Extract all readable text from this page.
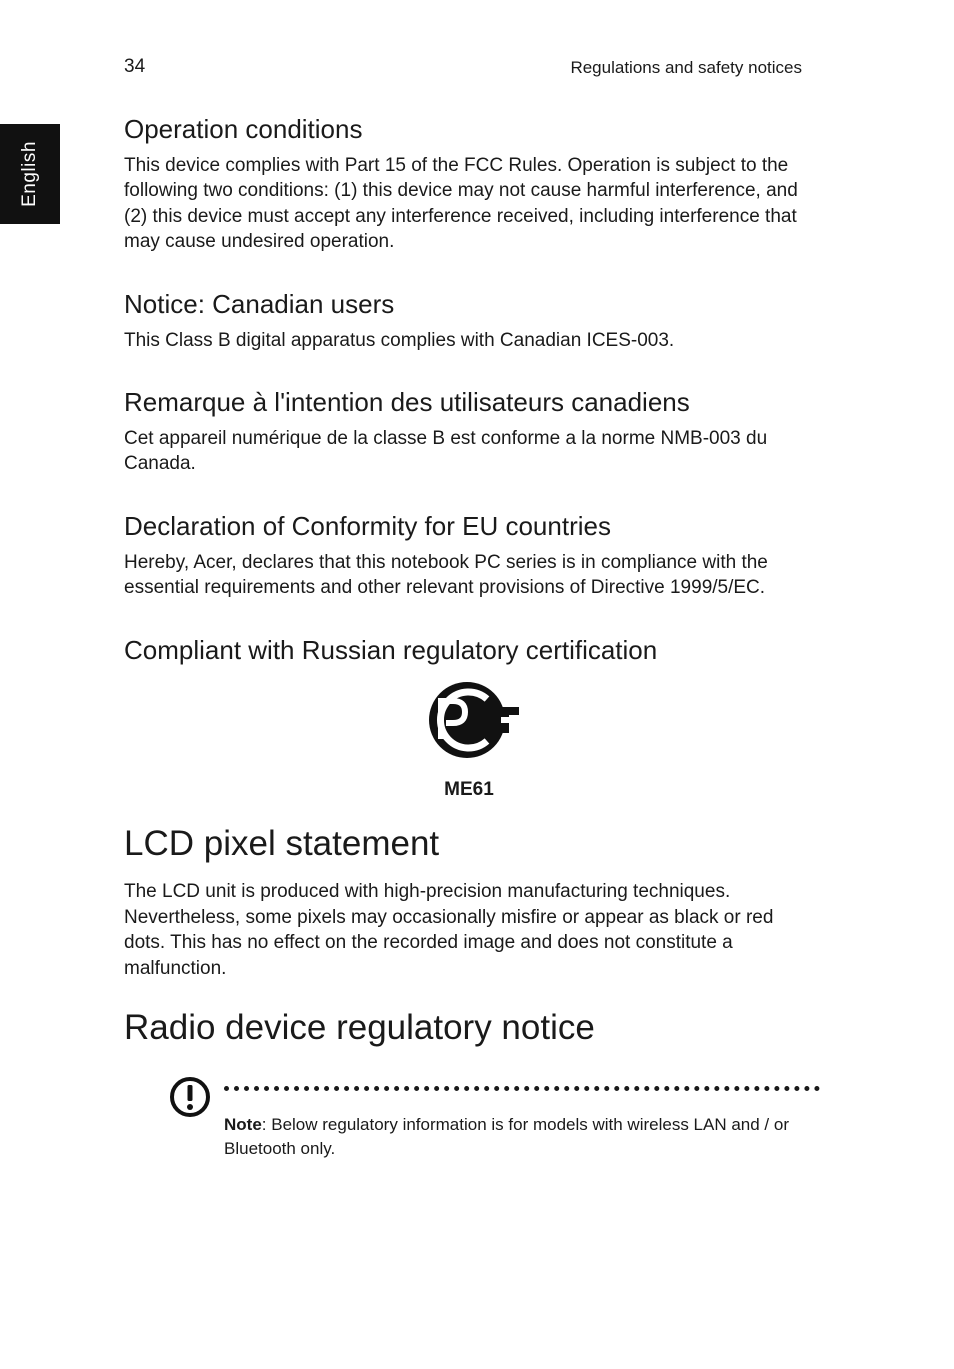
34	Regulations and safety notices
English
Operation conditions

This device complies with Part 15 of the FCC Rules. Operation is subject to the following two conditions: (1) this device may not cause harmful interference, and (2) this device must accept any interference received, including interference that may cause undesired operation.

Notice: Canadian users

This Class B digital apparatus complies with Canadian ICES-003.

Remarque à l'intention des utilisateurs canadiens

Cet appareil numérique de la classe B est conforme a la norme NMB-003 du Canada.

Declaration of Conformity for EU countries

Hereby, Acer, declares that this notebook PC series is in compliance with the essential requirements and other relevant provisions of Directive 1999/5/EC.

Compliant with Russian regulatory certification
ME61
LCD pixel statement

The LCD unit is produced with high-precision manufacturing techniques. Nevertheless, some pixels may occasionally misfire or appear as black or red dots. This has no effect on the recorded image and does not constitute a malfunction.

Radio device regulatory notice
Note: Below regulatory information is for models with wireless LAN and / or Bluetooth only.
